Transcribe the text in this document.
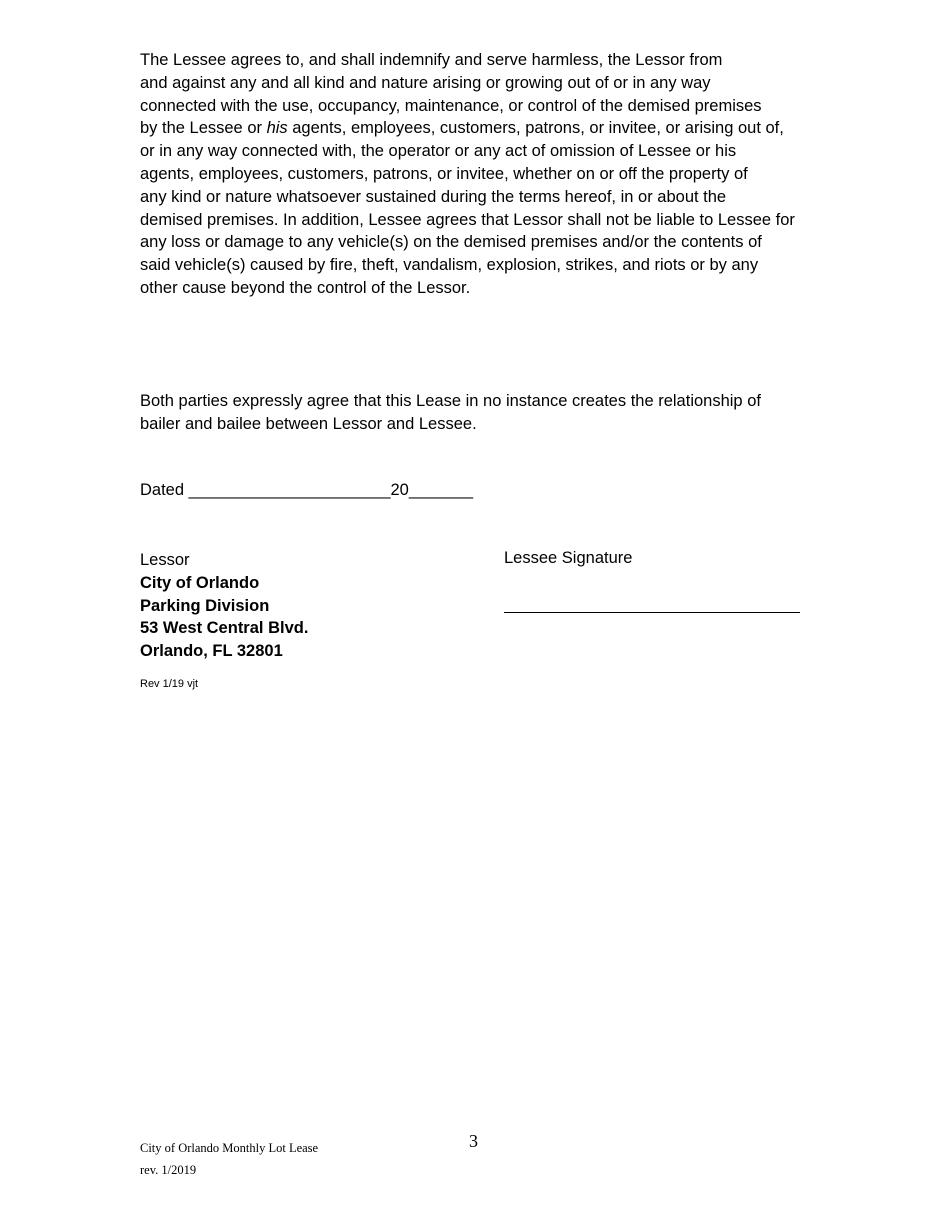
The Lessee agrees to, and shall indemnify and serve harmless, the Lessor from
and against any and all kind and nature arising or growing out of or in any way
connected with the use, occupancy, maintenance, or control of the demised premises
by the Lessee or his agents, employees, customers, patrons, or invitee, or arising out of,
or in any way connected with, the operator or any act of omission of Lessee or his
agents, employees, customers, patrons, or invitee, whether on or off the property of
any kind or nature whatsoever sustained during the terms hereof, in or about the
demised premises. In addition, Lessee agrees that Lessor shall not be liable to Lessee for
any loss or damage to any vehicle(s) on the demised premises and/or the contents of
said vehicle(s) caused by fire, theft, vandalism, explosion, strikes, and riots or by any
other cause beyond the control of the Lessor.
Both parties expressly agree that this Lease in no instance creates the relationship of
bailer and bailee between Lessor and Lessee.
Dated ______________________20_______
Lessor
City of Orlando
Parking Division
53 West Central Blvd.
Orlando, FL 32801
Lessee Signature
Rev 1/19 vjt
City of Orlando Monthly Lot Lease
rev. 1/2019
3
